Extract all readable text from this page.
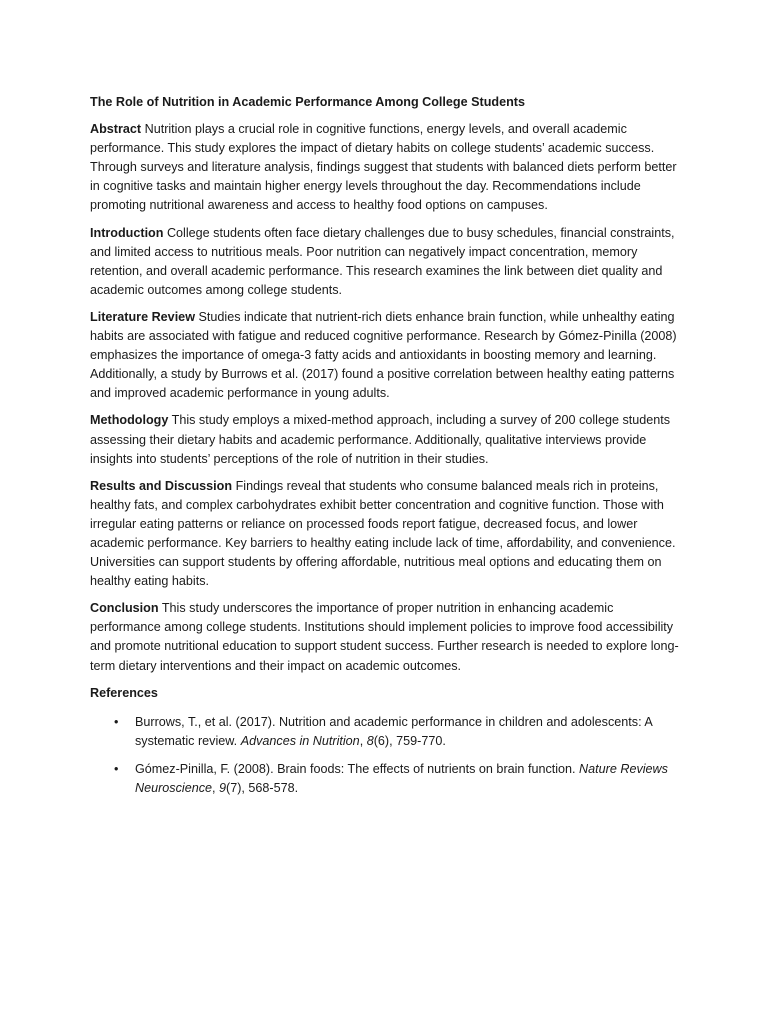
The Role of Nutrition in Academic Performance Among College Students

Abstract Nutrition plays a crucial role in cognitive functions, energy levels, and overall academic performance. This study explores the impact of dietary habits on college students’ academic success. Through surveys and literature analysis, findings suggest that students with balanced diets perform better in cognitive tasks and maintain higher energy levels throughout the day. Recommendations include promoting nutritional awareness and access to healthy food options on campuses.

Introduction College students often face dietary challenges due to busy schedules, financial constraints, and limited access to nutritious meals. Poor nutrition can negatively impact concentration, memory retention, and overall academic performance. This research examines the link between diet quality and academic outcomes among college students.

Literature Review Studies indicate that nutrient-rich diets enhance brain function, while unhealthy eating habits are associated with fatigue and reduced cognitive performance. Research by Gómez-Pinilla (2008) emphasizes the importance of omega-3 fatty acids and antioxidants in boosting memory and learning. Additionally, a study by Burrows et al. (2017) found a positive correlation between healthy eating patterns and improved academic performance in young adults.

Methodology This study employs a mixed-method approach, including a survey of 200 college students assessing their dietary habits and academic performance. Additionally, qualitative interviews provide insights into students’ perceptions of the role of nutrition in their studies.

Results and Discussion Findings reveal that students who consume balanced meals rich in proteins, healthy fats, and complex carbohydrates exhibit better concentration and cognitive function. Those with irregular eating patterns or reliance on processed foods report fatigue, decreased focus, and lower academic performance. Key barriers to healthy eating include lack of time, affordability, and convenience. Universities can support students by offering affordable, nutritious meal options and educating them on healthy eating habits.

Conclusion This study underscores the importance of proper nutrition in enhancing academic performance among college students. Institutions should implement policies to improve food accessibility and promote nutritional education to support student success. Further research is needed to explore long-term dietary interventions and their impact on academic outcomes.

References

• Burrows, T., et al. (2017). Nutrition and academic performance in children and adolescents: A systematic review. Advances in Nutrition, 8(6), 759-770.
• Gómez-Pinilla, F. (2008). Brain foods: The effects of nutrients on brain function. Nature Reviews Neuroscience, 9(7), 568-578.
